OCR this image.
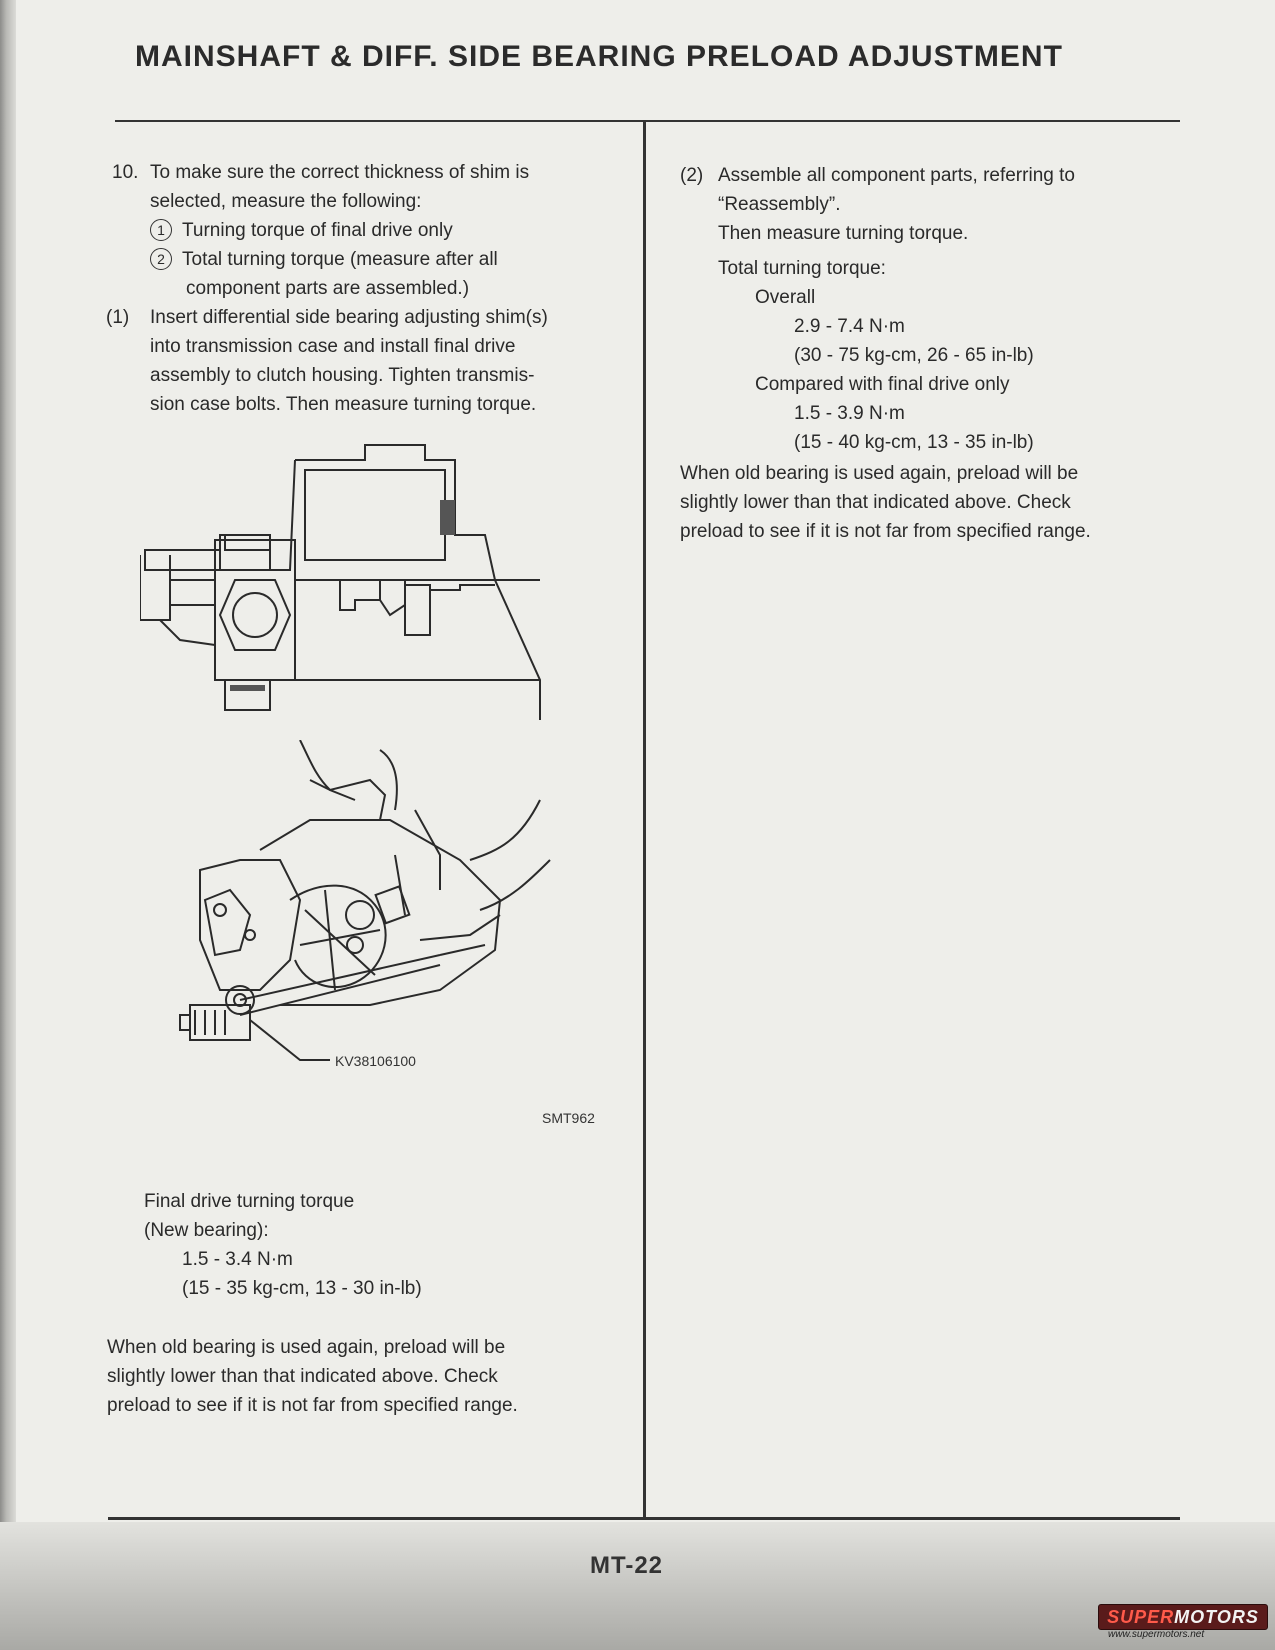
MAINSHAFT & DIFF. SIDE BEARING PRELOAD ADJUSTMENT
10. To make sure the correct thickness of shim is

selected, measure the following:

1 Turning torque of final drive only

2 Total turning torque (measure after all

component parts are assembled.)

(1) Insert differential side bearing adjusting shim(s)

into transmission case and install final drive

assembly to clutch housing. Tighten transmis-

sion case bolts. Then measure turning torque.

KV38106100
SMT962

Final drive turning torque

(New bearing):

1.5 - 3.4 N·m

(15 - 35 kg-cm, 13 - 30 in-lb)

When old bearing is used again, preload will be

slightly lower than that indicated above. Check

preload to see if it is not far from specified range.

(2) Assemble all component parts, referring to

“Reassembly”.

Then measure turning torque.

Total turning torque:

Overall

2.9 - 7.4 N·m

(30 - 75 kg-cm, 26 - 65 in-lb)

Compared with final drive only

1.5 - 3.9 N·m

(15 - 40 kg-cm, 13 - 35 in-lb)

When old bearing is used again, preload will be

slightly lower than that indicated above. Check

preload to see if it is not far from specified range.

MT-22
SUPERMOTORS
www.supermotors.net
